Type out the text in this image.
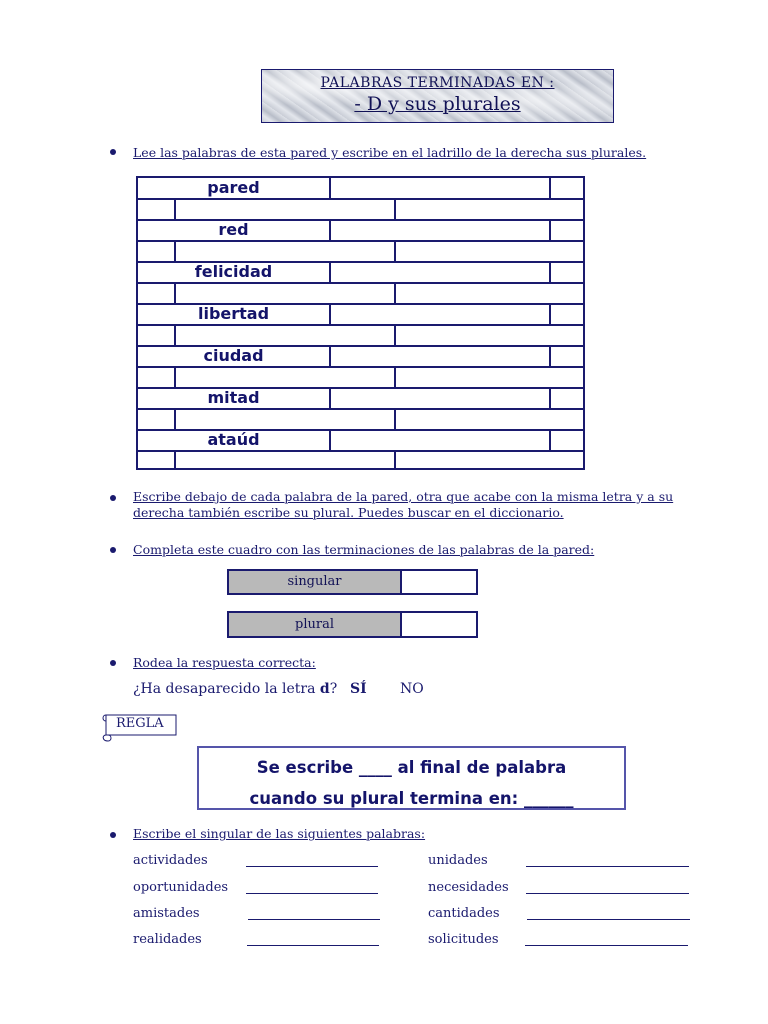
PALABRAS TERMINADAS EN :
- D y sus plurales
Lee las palabras de esta pared y escribe en el ladrillo de la derecha sus plurales.
pared
red
felicidad
libertad
ciudad
mitad
ataúd
Escribe debajo de cada palabra de la pared, otra que acabe con la misma letra y a su
derecha también escribe su plural. Puedes buscar en el diccionario.
Completa este cuadro con las terminaciones de las palabras de la pared:
singular
plural
Rodea la respuesta correcta:
¿Ha desaparecido la letra d? SÍ NO
REGLA
Se escribe ____ al final de palabra
cuando su plural termina en: ______
Escribe el singular de las siguientes palabras:
actividades
oportunidades
amistades
realidades
unidades
necesidades
cantidades
solicitudes
